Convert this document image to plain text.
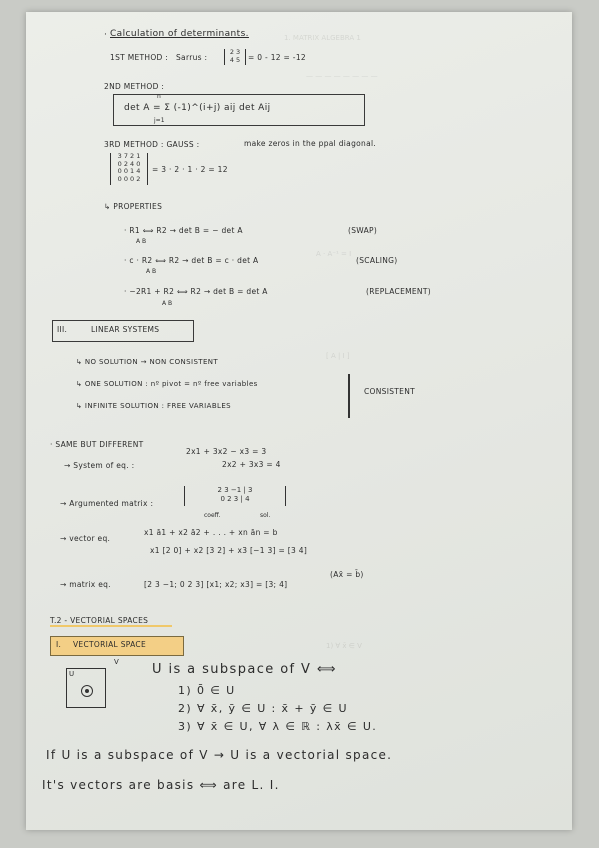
1. MATRIX ALGEBRA 1
— — — — — — — —
A · A⁻¹ = I
[ A | I ]
1) ∀ x̄ ∈ V
· Calculation of determinants.
1ST METHOD : Sarrus :
2 3
4 5	= 0 - 12 = -12
2ND METHOD :
det A = Σ (-1)^(i+j) aij det Aij
j=1
n
3RD METHOD : GAUSS :	make zeros in the ppal diagonal.
3 7 2 1
0 2 4 0
0 0 1 4
0 0 0 2
= 3 · 2 · 1 · 2 = 12
↳ PROPERTIES
· R1 ⟺ R2 → det B = − det A	(SWAP)
A B
· c · R2 ⟺ R2 → det B = c · det A	(SCALING)
A B
· −2R1 + R2 ⟺ R2 → det B = det A	(REPLACEMENT)
A B
III.	LINEAR SYSTEMS
↳ NO SOLUTION → NON CONSISTENT
↳ ONE SOLUTION : nº pivot = nº free variables
↳ INFINITE SOLUTION : FREE VARIABLES
CONSISTENT
· SAME BUT DIFFERENT
→ System of eq. :
2x1 + 3x2 − x3 = 3
2x2 + 3x3 = 4
→ Argumented matrix :
2 3 −1 | 3
0 2 3 | 4
coeff.	sol.
→ vector eq.
x1 ā1 + x2 ā2 + . . . + xn ān = b
x1 [2 0] + x2 [3 2] + x3 [−1 3] = [3 4]
→ matrix eq.	[2 3 −1; 0 2 3] [x1; x2; x3] = [3; 4]
(Ax̄ = b̄)
T.2 - VECTORIAL SPACES
I. VECTORIAL SPACE
U
V	U is a subspace of V ⟺
1) 0̄ ∈ U
2) ∀ x̄, ȳ ∈ U : x̄ + ȳ ∈ U
3) ∀ x̄ ∈ U, ∀ λ ∈ ℝ : λx̄ ∈ U.
If U is a subspace of V → U is a vectorial space.
It's vectors are basis ⟺ are L. I.
